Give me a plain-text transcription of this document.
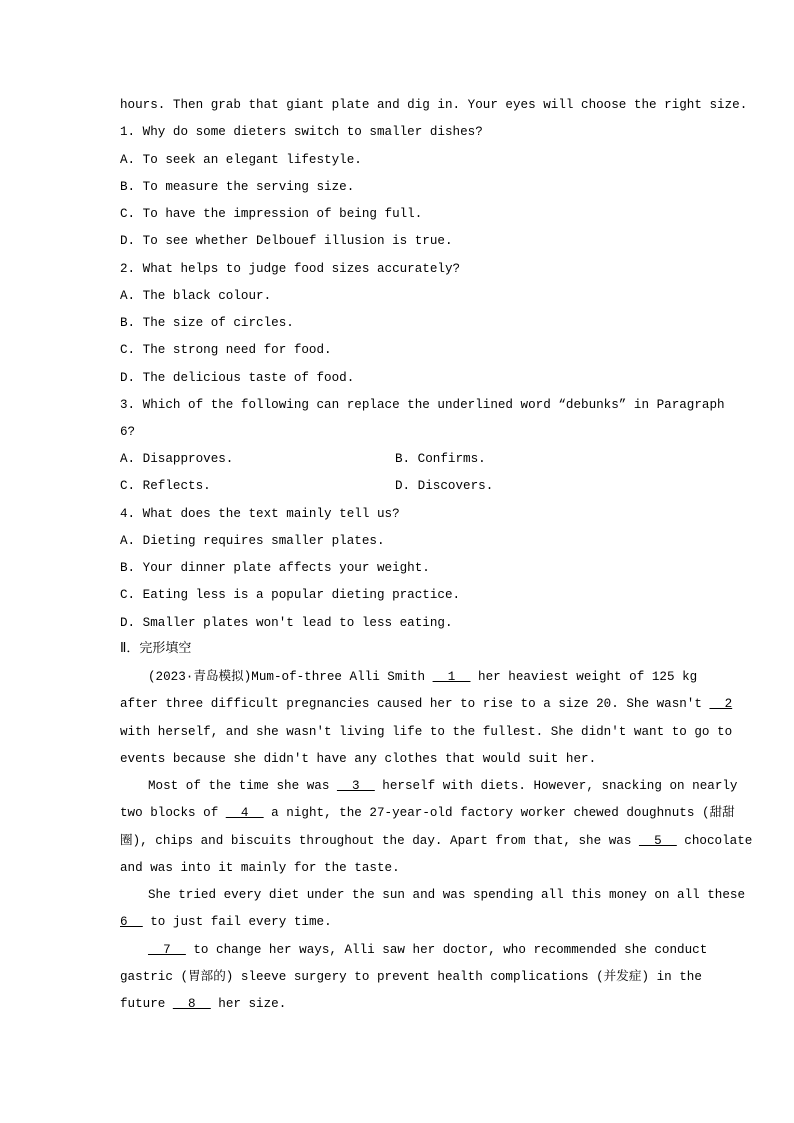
hours. Then grab that giant plate and dig in. Your eyes will choose the right size.
1. Why do some dieters switch to smaller dishes?
A. To seek an elegant lifestyle.
B. To measure the serving size.
C. To have the impression of being full.
D. To see whether Delbouef illusion is true.
2. What helps to judge food sizes accurately?
A. The black colour.
B. The size of circles.
C. The strong need for food.
D. The delicious taste of food.
3. Which of the following can replace the underlined word “debunks” in Paragraph
6?
A. Disapproves.	B. Confirms.
C. Reflects.	D. Discovers.
4. What does the text mainly tell us?
A. Dieting requires smaller plates.
B. Your dinner plate affects your weight.
C. Eating less is a popular dieting practice.
D. Smaller plates won't lead to less eating.
Ⅱ．完形填空
(2023·青岛模拟)Mum-of-three Alli Smith __1__ her heaviest weight of 125 kg
after three difficult pregnancies caused her to rise to a size 20. She wasn't __2
with herself, and she wasn't living life to the fullest. She didn't want to go to
events because she didn't have any clothes that would suit her.
Most of the time she was __3__ herself with diets. However, snacking on nearly
two blocks of __4__ a night, the 27-year-old factory worker chewed doughnuts (甜甜
圈), chips and biscuits throughout the day. Apart from that, she was __5__ chocolate
and was into it mainly for the taste.
She tried every diet under the sun and was spending all this money on all these
6__ to just fail every time.
__7__ to change her ways, Alli saw her doctor, who recommended she conduct
gastric (胃部的) sleeve surgery to prevent health complications (并发症) in the
future __8__ her size.
